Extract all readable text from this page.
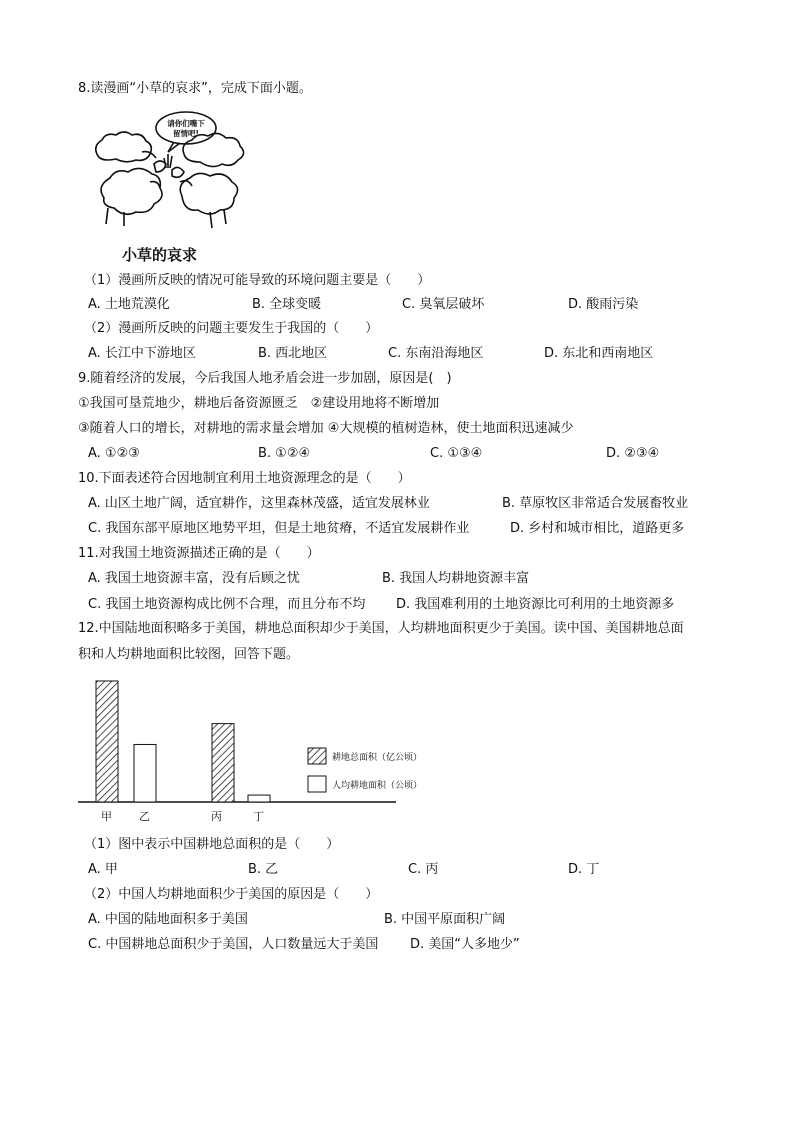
8.读漫画“小草的哀求”，完成下面小题。
请你们嘴下
留情吧!
小草的哀求
（1）漫画所反映的情况可能导致的环境问题主要是（　　）
A. 土地荒漠化	B. 全球变暖	C. 臭氧层破坏	D. 酸雨污染
（2）漫画所反映的问题主要发生于我国的（　　）
A. 长江中下游地区	B. 西北地区	C. 东南沿海地区	D. 东北和西南地区
9.随着经济的发展，今后我国人地矛盾会进一步加剧，原因是(　)
①我国可垦荒地少，耕地后备资源匮乏　②建设用地将不断增加
③随着人口的增长，对耕地的需求量会增加 ④大规模的植树造林，使土地面积迅速减少
A. ①②③	B. ①②④	C. ①③④	D. ②③④
10.下面表述符合因地制宜利用土地资源理念的是（　　）
A. 山区土地广阔，适宜耕作，这里森林茂盛，适宜发展林业	B. 草原牧区非常适合发展畜牧业
C. 我国东部平原地区地势平坦，但是土地贫瘠，不适宜发展耕作业	D. 乡村和城市相比，道路更多
11.对我国土地资源描述正确的是（　　）
A. 我国土地资源丰富，没有后顾之忧	B. 我国人均耕地资源丰富
C. 我国土地资源构成比例不合理，而且分布不均 D. 我国难利用的土地资源比可利用的土地资源多
12.中国陆地面积略多于美国，耕地总面积却少于美国，人均耕地面积更少于美国。读中国、美国耕地总面
积和人均耕地面积比较图，回答下题。
甲 乙	丙	丁
耕地总面积（亿公顷）
人均耕地面积（公顷）
（1）图中表示中国耕地总面积的是（　　）
A. 甲	B. 乙	C. 丙	D. 丁
（2）中国人均耕地面积少于美国的原因是（　　）
A. 中国的陆地面积多于美国	B. 中国平原面积广阔
C. 中国耕地总面积少于美国，人口数量远大于美国 D. 美国“人多地少”
